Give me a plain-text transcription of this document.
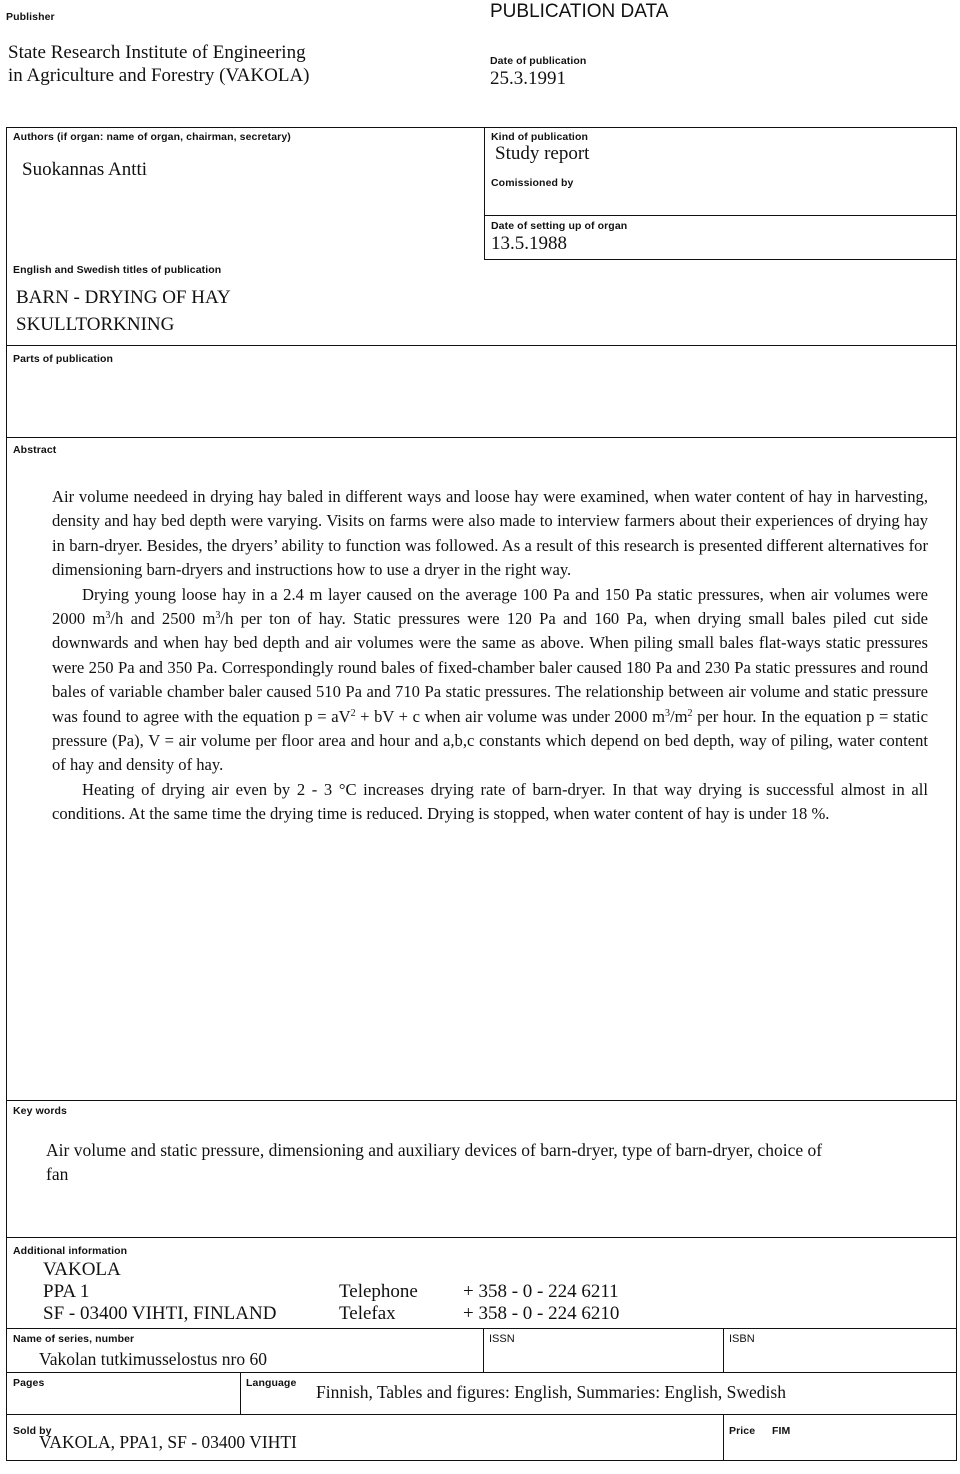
Publisher
State Research Institute of Engineering
in Agriculture and Forestry (VAKOLA)
PUBLICATION DATA
Date of publication
25.3.1991
Authors (if organ: name of organ, chairman, secretary)
Suokannas Antti
Kind of publication
Study report
Comissioned by
Date of setting up of organ
13.5.1988
English and Swedish titles of publication
BARN - DRYING OF HAY
SKULLTORKNING
Parts of publication
Abstract

Air volume needeed in drying hay baled in different ways and loose hay were examined, when water content of hay in harvesting, density and hay bed depth were varying. Visits on farms were also made to interview farmers about their experiences of drying hay in barn-dryer. Besides, the dryers’ ability to function was followed. As a result of this research is presented different alternatives for dimensioning barn-dryers and instructions how to use a dryer in the right way.

Drying young loose hay in a 2.4 m layer caused on the average 100 Pa and 150 Pa static pressures, when air volumes were 2000 $m^3/h$ and 2500 $m^3/h$ per ton of hay. Static pressures were 120 Pa and 160 Pa, when drying small bales piled cut side downwards and when hay bed depth and air volumes were the same as above. When piling small bales flat-ways static pressures were 250 Pa and 350 Pa. Correspondingly round bales of fixed-chamber baler caused 180 Pa and 230 Pa static pressures and round bales of variable chamber baler caused 510 Pa and 710 Pa static pressures. The relationship between air volume and static pressure was found to agree with the equation $p = aV^2$ + bV + c when air volume was under 2000 $m^3/m^2$ per hour. In the equation p = static pressure (Pa), V = air volume per floor area and hour and a,b,c constants which depend on bed depth, way of piling, water content of hay and density of hay.

Heating of drying air even by 2 - 3 °C increases drying rate of barn-dryer. In that way drying is successful almost in all conditions. At the same time the drying time is reduced. Drying is stopped, when water content of hay is under 18 %.

Key words
Air volume and static pressure, dimensioning and auxiliary devices of barn-dryer, type of barn-dryer, choice of
fan
Additional information
VAKOLA
PPA 1
SF - 03400 VIHTI, FINLAND
Telephone
Telefax
+ 358 - 0 - 224 6211
+ 358 - 0 - 224 6210
Name of series, number
Vakolan tutkimusselostus nro 60
ISSN	ISBN
Pages	Language Finnish, Tables and figures: English, Summaries: English, Swedish
Sold by
VAKOLA, PPA1, SF - 03400 VIHTI
Price FIM
